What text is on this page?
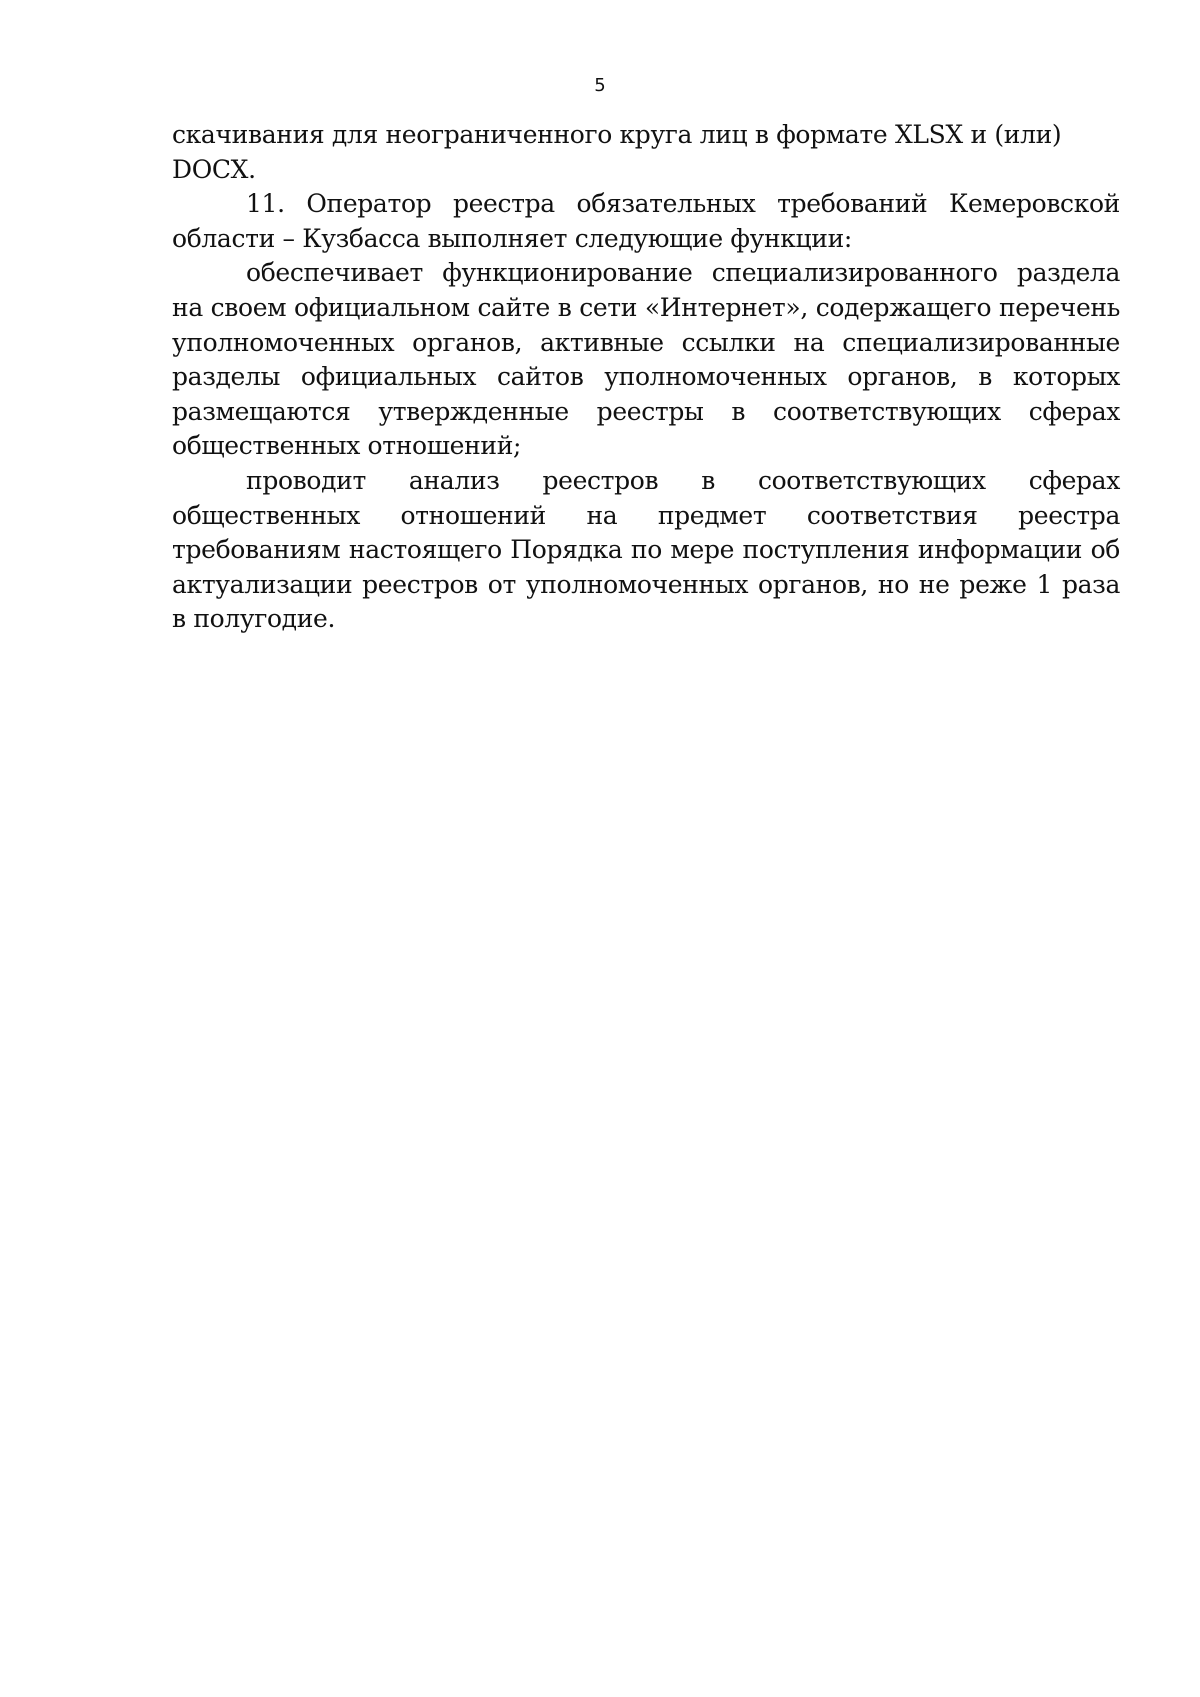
5

скачивания для неограниченного круга лиц в формате XLSX и (или) DOCX.

11. Оператор реестра обязательных требований Кемеровской области – Кузбасса выполняет следующие функции:

обеспечивает функционирование специализированного раздела на своем официальном сайте в сети «Интернет», содержащего перечень уполномоченных органов, активные ссылки на специализированные разделы официальных сайтов уполномоченных органов, в которых размещаются утвержденные реестры в соответствующих сферах общественных отношений;

проводит анализ реестров в соответствующих сферах общественных отношений на предмет соответствия реестра требованиям настоящего Порядка по мере поступления информации об актуализации реестров от уполномоченных органов, но не реже 1 раза в полугодие.
